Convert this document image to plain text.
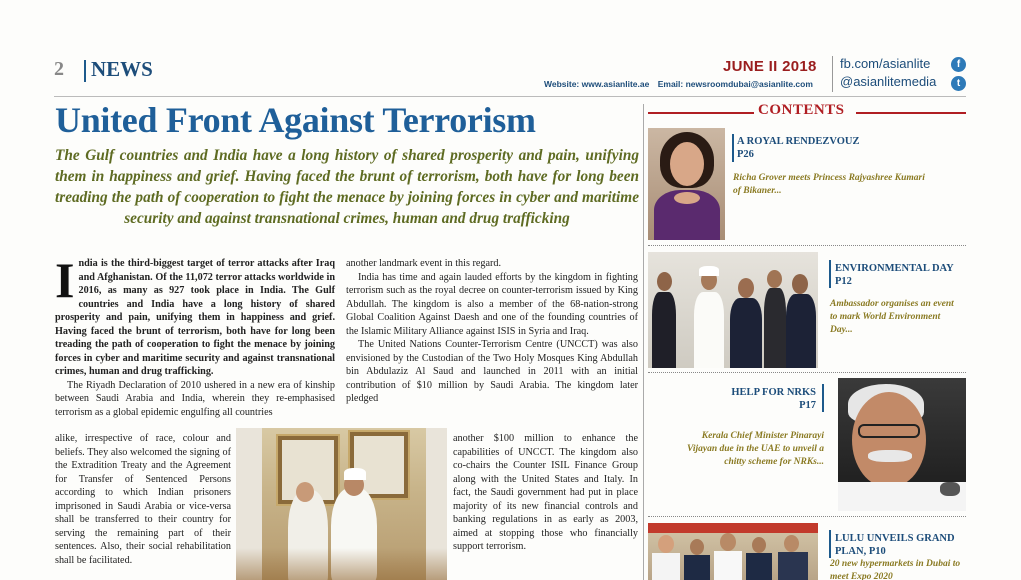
2 NEWS	JUNE II 2018
Website: www.asianlite.ae Email: newsroomdubai@asianlite.com
fb.com/asianlite
@asianlitemedia
f
t
United Front Against Terrorism
The Gulf countries and India have a long history of shared prosperity and pain, unifying them in happiness and grief. Having faced the brunt of terrorism, both have for long been treading the path of cooperation to fight the menace by joining forces in cyber and maritime security and against transnational crimes, human and drug trafficking

India is the third-biggest target of terror attacks after Iraq and Afghanistan. Of the 11,072 terror attacks worldwide in 2016, as many as 927 took place in India. The Gulf countries and India have a long history of shared prosperity and pain, unifying them in happiness and grief. Having faced the brunt of terrorism, both have for long been treading the path of cooperation to fight the menace by joining forces in cyber and maritime security and against transnational crimes, human and drug trafficking.

The Riyadh Declaration of 2010 ushered in a new era of kinship between Saudi Arabia and India, wherein they re-emphasised terrorism as a global epidemic engulfing all countries

alike, irrespective of race, colour and beliefs. They also welcomed the signing of the Extradition Treaty and the Agreement for Transfer of Sentenced Persons according to which Indian prisoners imprisoned in Saudi Arabia or vice-versa shall be transferred to their country for serving the remaining part of their sentences. Also, their social rehabilitation shall be facilitated.

another landmark event in this regard.

India has time and again lauded efforts by the kingdom in fighting terrorism such as the royal decree on counter-terrorism issued by King Abdullah. The kingdom is also a member of the 68-nation-strong Global Coalition Against Daesh and one of the founding countries of the Islamic Military Alliance against ISIS in Syria and Iraq.

The United Nations Counter-Terrorism Centre (UNCCT) was also envisioned by the Custodian of the Two Holy Mosques King Abdullah bin Abdulaziz Al Saud and launched in 2011 with an initial contribution of $10 million by Saudi Arabia. The kingdom later pledged

another $100 million to enhance the capabilities of UNCCT. The kingdom also co-chairs the Counter ISIL Finance Group along with the United States and Italy. In fact, the Saudi government had put in place majority of its new financial controls and banking regulations in as early as 2003, aimed at stopping those who financially support terrorism.

CONTENTS
A ROYAL RENDEZVOUZ
P26
Richa Grover meets Princess Rajyashree Kumari of Bikaner...
ENVIRONMENTAL DAY
P12
Ambassador organises an event to mark World Environment Day...
HELP FOR NRKS
P17
Kerala Chief Minister Pinarayi Vijayan due in the UAE to unveil a chitty scheme for NRKs...
LULU UNVEILS GRAND PLAN, P10
20 new hypermarkets in Dubai to meet Expo 2020
